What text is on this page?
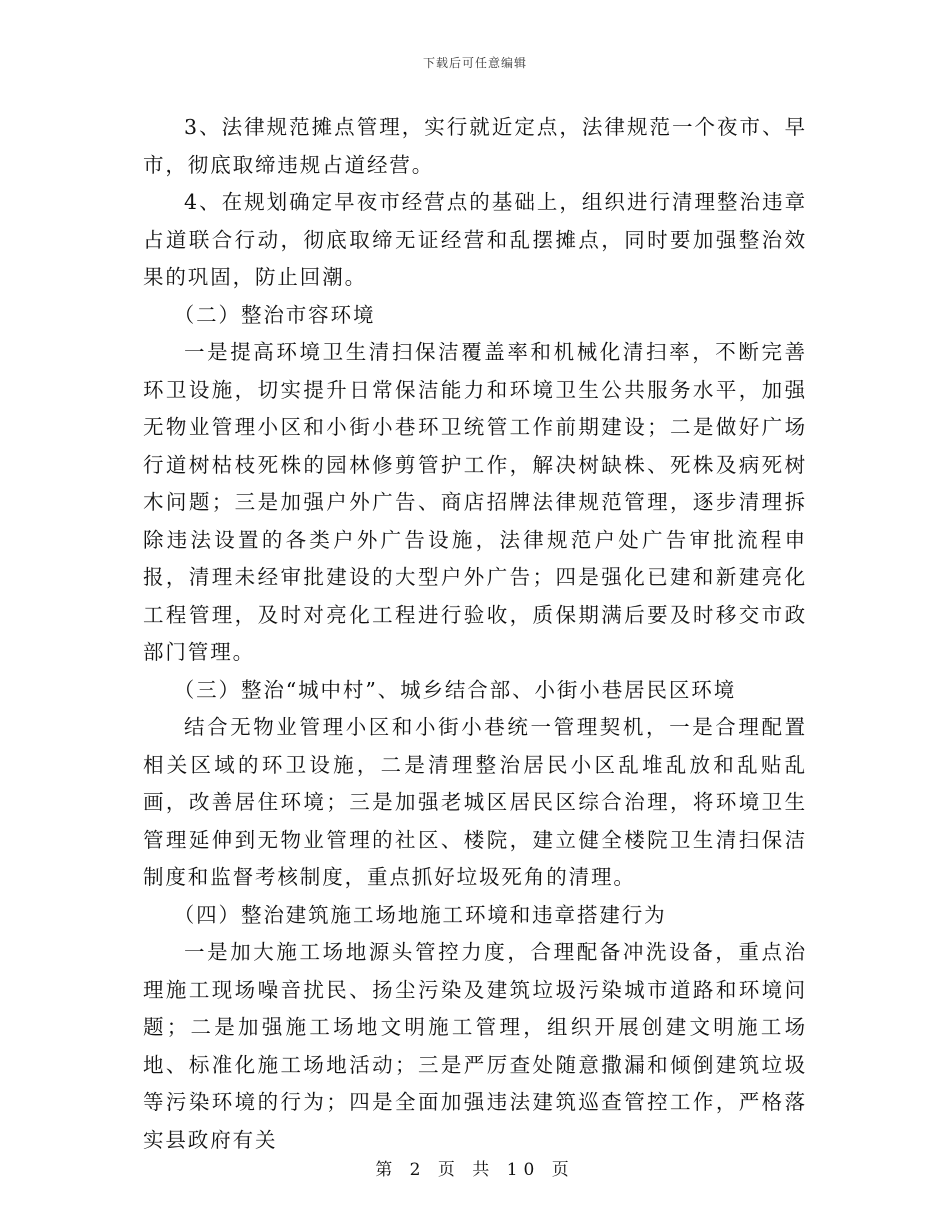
下载后可任意编辑

3、法律规范摊点管理，实行就近定点，法律规范一个夜市、早市，彻底取缔违规占道经营。

4、在规划确定早夜市经营点的基础上，组织进行清理整治违章占道联合行动，彻底取缔无证经营和乱摆摊点，同时要加强整治效果的巩固，防止回潮。

（二）整治市容环境

一是提高环境卫生清扫保洁覆盖率和机械化清扫率，不断完善环卫设施，切实提升日常保洁能力和环境卫生公共服务水平，加强无物业管理小区和小街小巷环卫统管工作前期建设；二是做好广场行道树枯枝死株的园林修剪管护工作，解决树缺株、死株及病死树木问题；三是加强户外广告、商店招牌法律规范管理，逐步清理拆除违法设置的各类户外广告设施，法律规范户处广告审批流程申报，清理未经审批建设的大型户外广告；四是强化已建和新建亮化工程管理，及时对亮化工程进行验收，质保期满后要及时移交市政部门管理。

（三）整治“城中村”、城乡结合部、小街小巷居民区环境

结合无物业管理小区和小街小巷统一管理契机，一是合理配置相关区域的环卫设施，二是清理整治居民小区乱堆乱放和乱贴乱画，改善居住环境；三是加强老城区居民区综合治理，将环境卫生管理延伸到无物业管理的社区、楼院，建立健全楼院卫生清扫保洁制度和监督考核制度，重点抓好垃圾死角的清理。

（四）整治建筑施工场地施工环境和违章搭建行为

一是加大施工场地源头管控力度，合理配备冲洗设备，重点治理施工现场噪音扰民、扬尘污染及建筑垃圾污染城市道路和环境问题；二是加强施工场地文明施工管理，组织开展创建文明施工场地、标准化施工场地活动；三是严厉查处随意撒漏和倾倒建筑垃圾等污染环境的行为；四是全面加强违法建筑巡查管控工作，严格落实县政府有关

第 2 页 共 10 页
